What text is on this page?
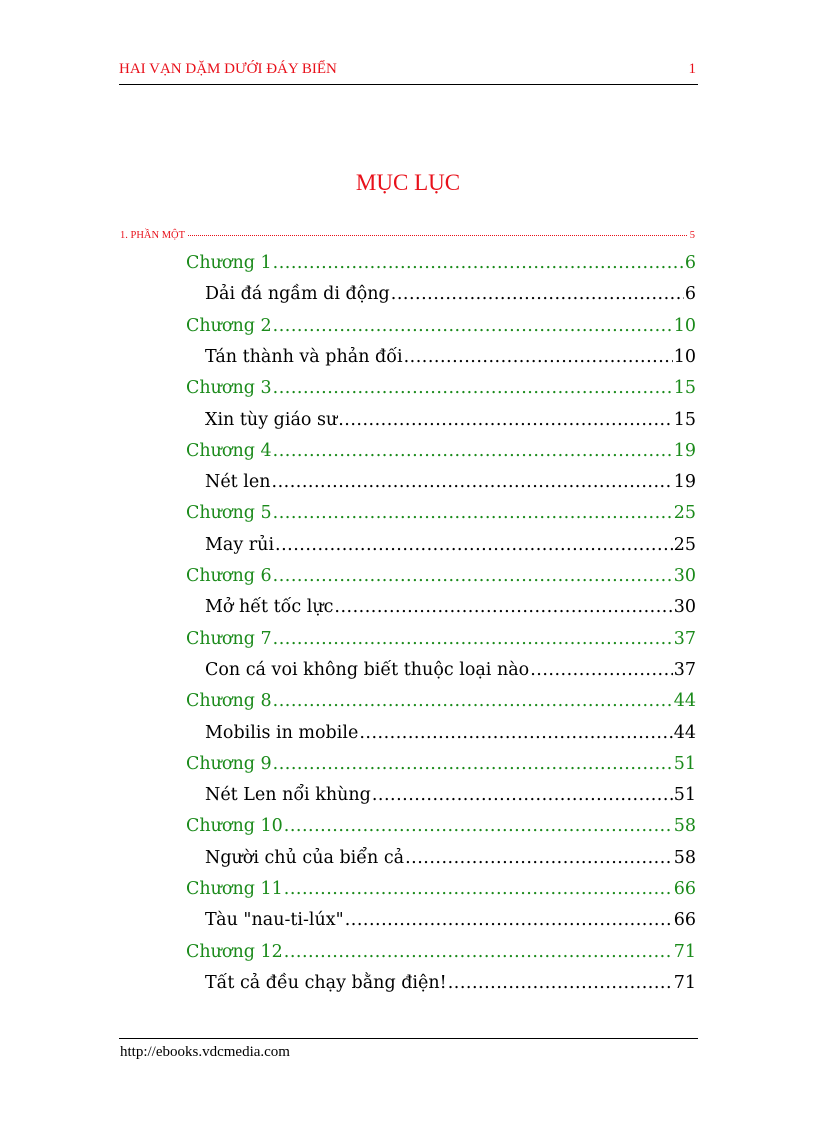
HAI VẠN DẶM DƯỚI ĐÁY BIỂN	1
MỤC LỤC
1. PHẦN MỘT	5
Chương 1 .....	6
Dải đá ngầm di động .....	6
Chương 2 .....	10
Tán thành và phản đối .....	10
Chương 3 .....	15
Xin tùy giáo sư .....	15
Chương 4 .....	19
Nét len .....	19
Chương 5 .....	25
May rủi .....	25
Chương 6 .....	30
Mở hết tốc lực .....	30
Chương 7 .....	37
Con cá voi không biết thuộc loại nào .....	37
Chương 8 .....	44
Mobilis in mobile .....	44
Chương 9 .....	51
Nét Len nổi khùng .....	51
Chương 10 .....	58
Người chủ của biển cả .....	58
Chương 11 .....	66
Tàu "nau-ti-lúx" .....	66
Chương 12 .....	71
Tất cả đều chạy bằng điện! .....	71
http://ebooks.vdcmedia.com
